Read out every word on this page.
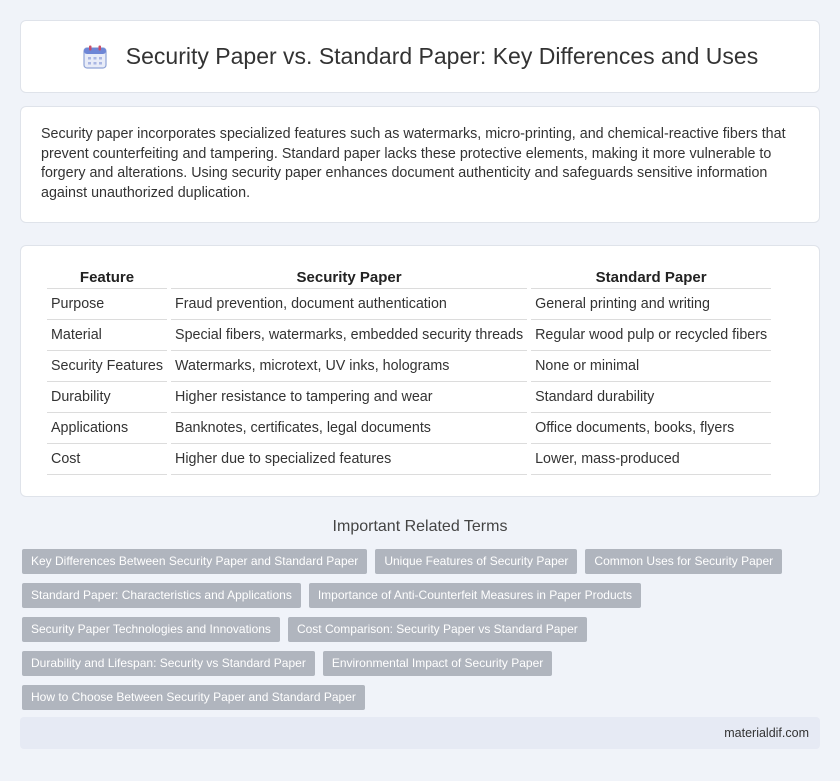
Security Paper vs. Standard Paper: Key Differences and Uses

Security paper incorporates specialized features such as watermarks, micro-printing, and chemical-reactive fibers that prevent counterfeiting and tampering. Standard paper lacks these protective elements, making it more vulnerable to forgery and alterations. Using security paper enhances document authenticity and safeguards sensitive information against unauthorized duplication.

Feature	Security Paper	Standard Paper
Purpose	Fraud prevention, document authentication	General printing and writing
Material	Special fibers, watermarks, embedded security threads	Regular wood pulp or recycled fibers
Security Features	Watermarks, microtext, UV inks, holograms	None or minimal
Durability	Higher resistance to tampering and wear	Standard durability
Applications	Banknotes, certificates, legal documents	Office documents, books, flyers
Cost	Higher due to specialized features	Lower, mass-produced
Important Related Terms
Key Differences Between Security Paper and Standard Paper	Unique Features of Security Paper	Common Uses for Security Paper
Standard Paper: Characteristics and Applications	Importance of Anti-Counterfeit Measures in Paper Products
Security Paper Technologies and Innovations	Cost Comparison: Security Paper vs Standard Paper
Durability and Lifespan: Security vs Standard Paper	Environmental Impact of Security Paper
How to Choose Between Security Paper and Standard Paper
materialdif.com
